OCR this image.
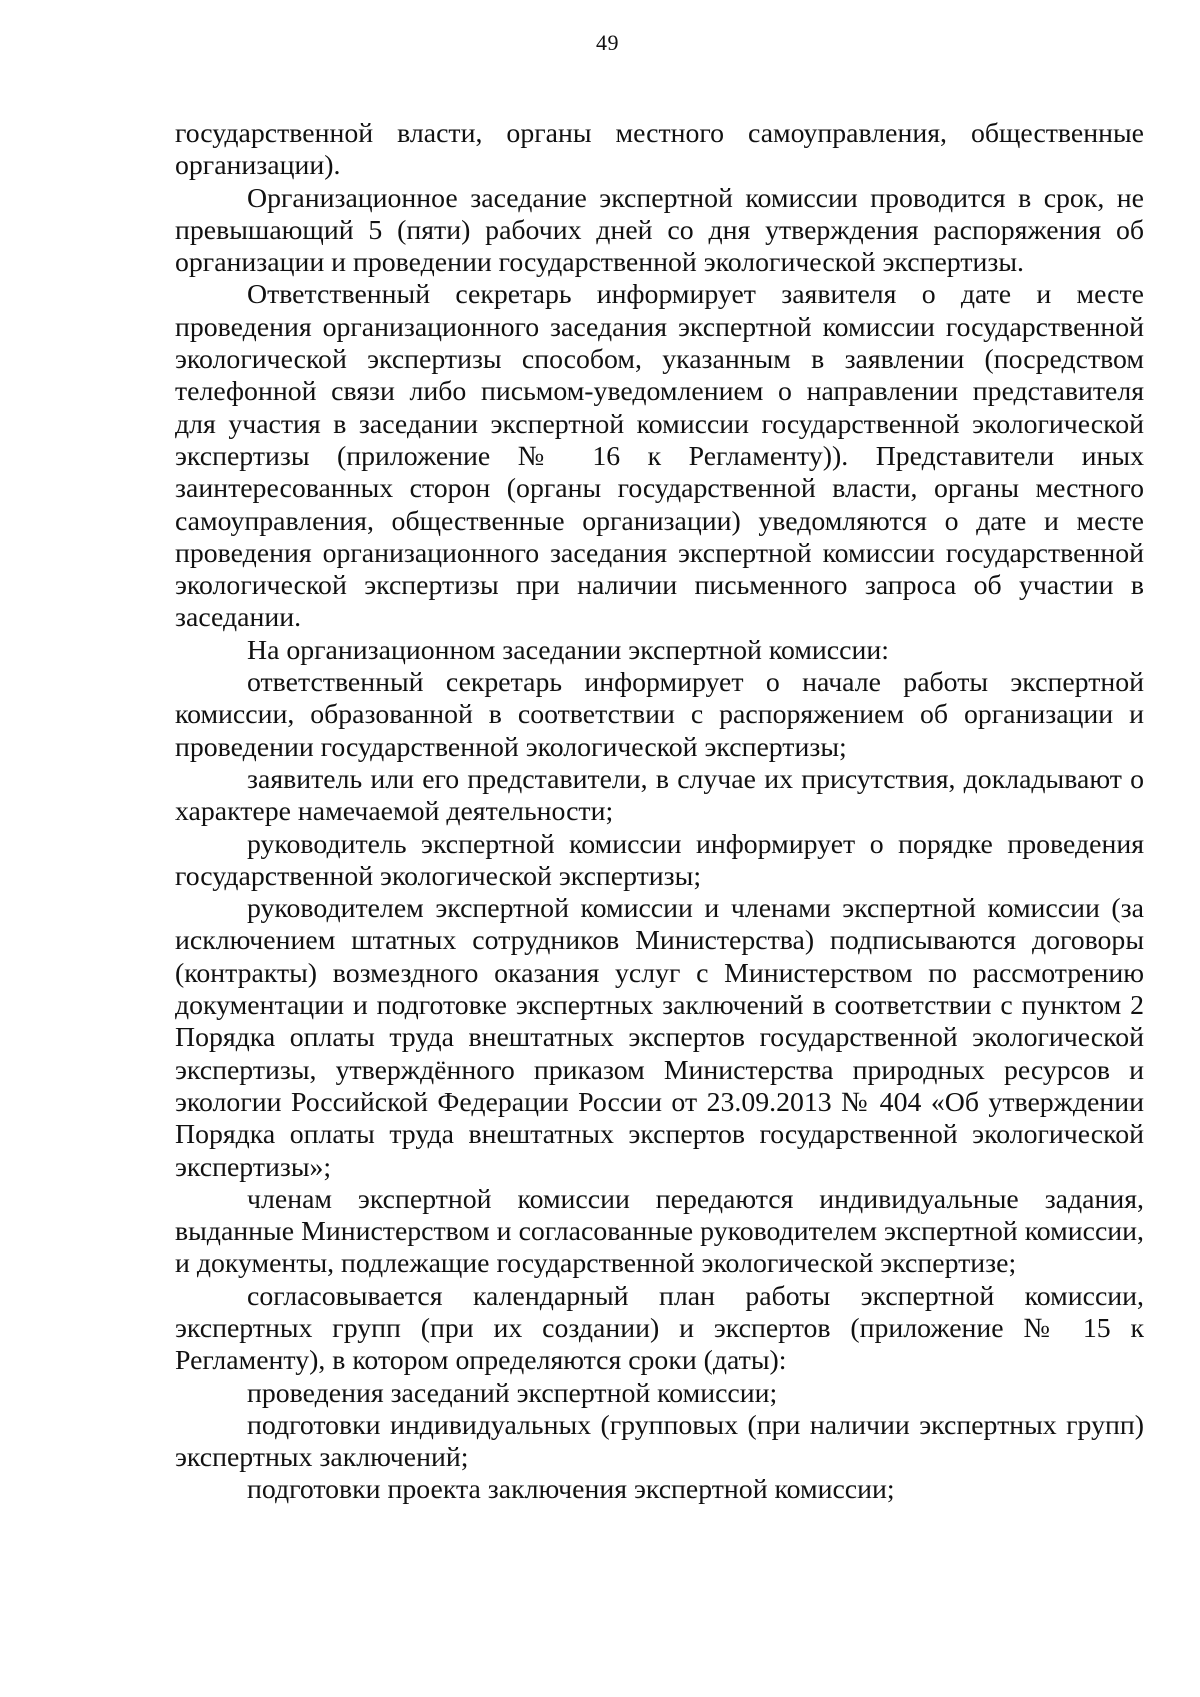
49

государственной власти, органы местного самоуправления, общественные организации).

Организационное заседание экспертной комиссии проводится в срок, не превышающий 5 (пяти) рабочих дней со дня утверждения распоряжения об организации и проведении государственной экологической экспертизы.

Ответственный секретарь информирует заявителя о дате и месте проведения организационного заседания экспертной комиссии государственной экологической экспертизы способом, указанным в заявлении (посредством телефонной связи либо письмом-уведомлением о направлении представителя для участия в заседании экспертной комиссии государственной экологической экспертизы (приложение № 16 к Регламенту)). Представители иных заинтересованных сторон (органы государственной власти, органы местного самоуправления, общественные организации) уведомляются о дате и месте проведения организационного заседания экспертной комиссии государственной экологической экспертизы при наличии письменного запроса об участии в заседании.

На организационном заседании экспертной комиссии:

ответственный секретарь информирует о начале работы экспертной комиссии, образованной в соответствии с распоряжением об организации и проведении государственной экологической экспертизы;

заявитель или его представители, в случае их присутствия, докладывают о характере намечаемой деятельности;

руководитель экспертной комиссии информирует о порядке проведения государственной экологической экспертизы;

руководителем экспертной комиссии и членами экспертной комиссии (за исключением штатных сотрудников Министерства) подписываются договоры (контракты) возмездного оказания услуг с Министерством по рассмотрению документации и подготовке экспертных заключений в соответствии с пунктом 2 Порядка оплаты труда внештатных экспертов государственной экологической экспертизы, утверждённого приказом Министерства природных ресурсов и экологии Российской Федерации России от 23.09.2013 № 404 «Об утверждении Порядка оплаты труда внештатных экспертов государственной экологической экспертизы»;

членам экспертной комиссии передаются индивидуальные задания, выданные Министерством и согласованные руководителем экспертной комиссии, и документы, подлежащие государственной экологической экспертизе;

согласовывается календарный план работы экспертной комиссии, экспертных групп (при их создании) и экспертов (приложение № 15 к Регламенту), в котором определяются сроки (даты):

проведения заседаний экспертной комиссии;

подготовки индивидуальных (групповых (при наличии экспертных групп) экспертных заключений;

подготовки проекта заключения экспертной комиссии;
